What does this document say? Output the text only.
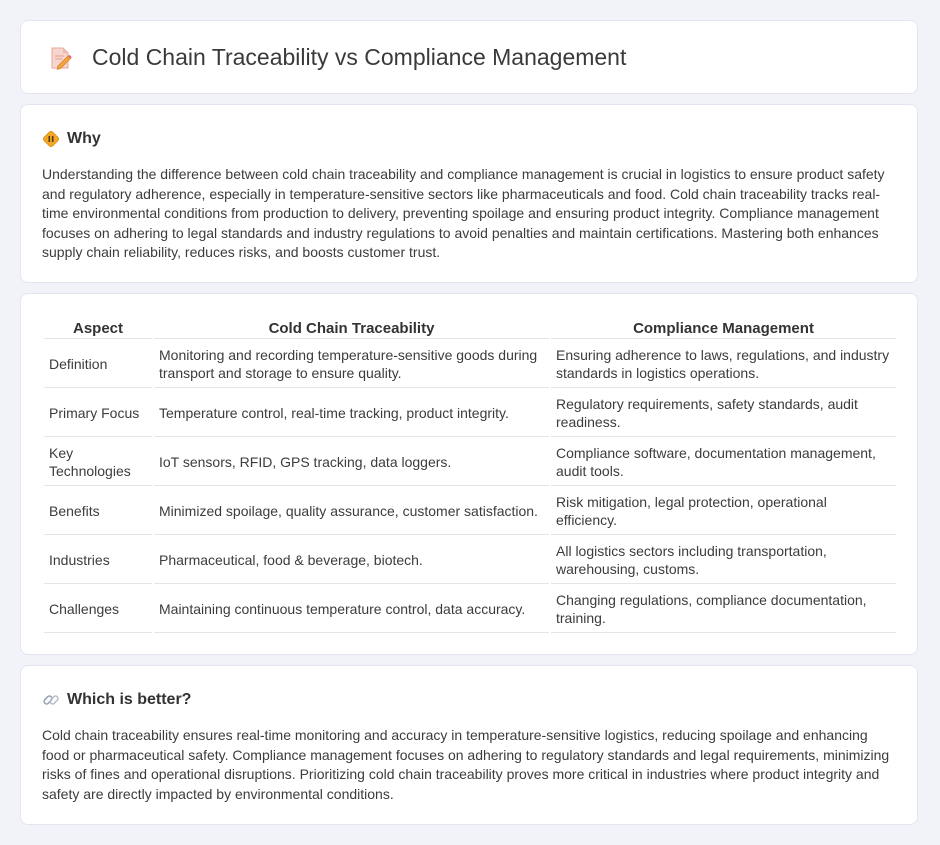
Cold Chain Traceability vs Compliance Management
Why

Understanding the difference between cold chain traceability and compliance management is crucial in logistics to ensure product safety and regulatory adherence, especially in temperature-sensitive sectors like pharmaceuticals and food. Cold chain traceability tracks real-time environmental conditions from production to delivery, preventing spoilage and ensuring product integrity. Compliance management focuses on adhering to legal standards and industry regulations to avoid penalties and maintain certifications. Mastering both enhances supply chain reliability, reduces risks, and boosts customer trust.

Aspect	Cold Chain Traceability	Compliance Management
Definition	Monitoring and recording temperature-sensitive goods during transport and storage to ensure quality.	Ensuring adherence to laws, regulations, and industry standards in logistics operations.
Primary Focus	Temperature control, real-time tracking, product integrity.	Regulatory requirements, safety standards, audit readiness.
Key Technologies	IoT sensors, RFID, GPS tracking, data loggers.	Compliance software, documentation management, audit tools.
Benefits	Minimized spoilage, quality assurance, customer satisfaction.	Risk mitigation, legal protection, operational efficiency.
Industries	Pharmaceutical, food & beverage, biotech.	All logistics sectors including transportation, warehousing, customs.
Challenges	Maintaining continuous temperature control, data accuracy.	Changing regulations, compliance documentation, training.
Which is better?

Cold chain traceability ensures real-time monitoring and accuracy in temperature-sensitive logistics, reducing spoilage and enhancing food or pharmaceutical safety. Compliance management focuses on adhering to regulatory standards and legal requirements, minimizing risks of fines and operational disruptions. Prioritizing cold chain traceability proves more critical in industries where product integrity and safety are directly impacted by environmental conditions.
